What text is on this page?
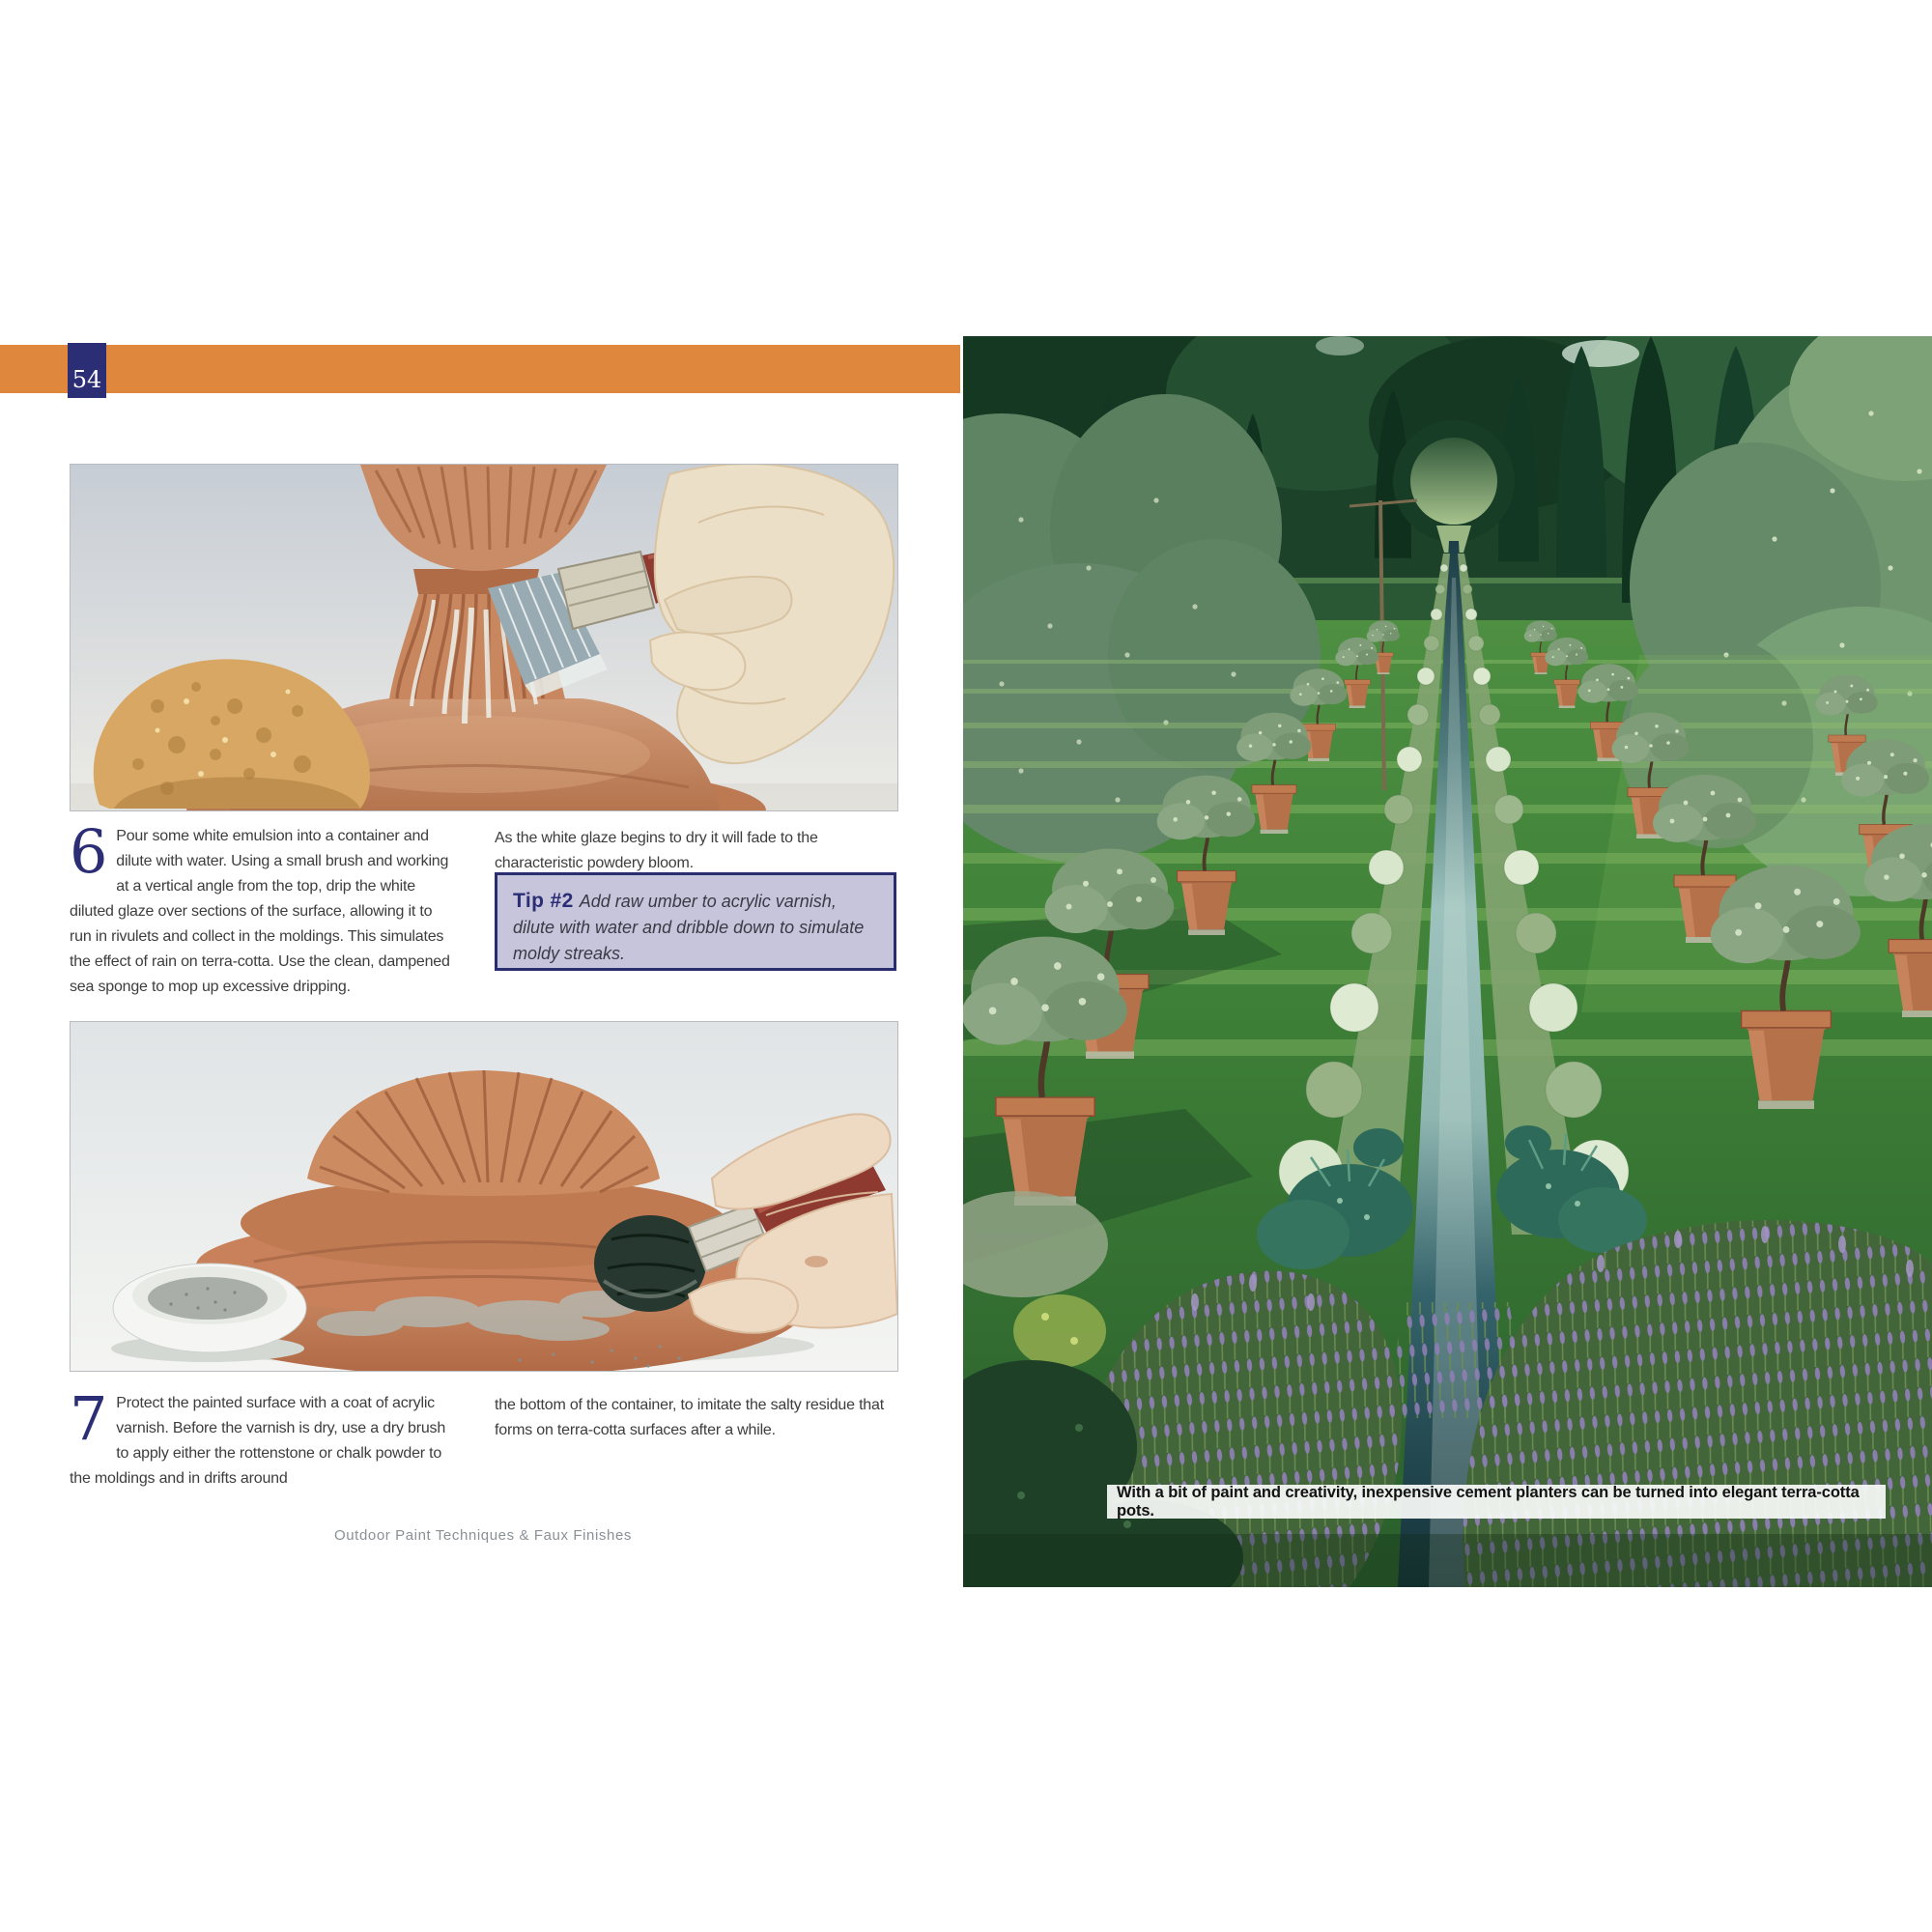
54
6 Pour some white emulsion into a container and dilute with water. Using a small brush and working at a vertical angle from the top, drip the white diluted glaze over sections of the surface, allowing it to run in rivulets and collect in the moldings. This simulates the effect of rain on terra-cotta. Use the clean, dampened sea sponge to mop up excessive dripping.
As the white glaze begins to dry it will fade to the characteristic powdery bloom.
Tip #2 Add raw umber to acrylic varnish, dilute with water and dribble down to simulate moldy streaks.
7 Protect the painted surface with a coat of acrylic varnish. Before the varnish is dry, use a dry brush to apply either the rottenstone or chalk powder to the moldings and in drifts around
the bottom of the container, to imitate the salty residue that forms on terra-cotta surfaces after a while.
Outdoor Paint Techniques & Faux Finishes
With a bit of paint and creativity, inexpensive cement planters can be turned into elegant terra-cotta pots.
